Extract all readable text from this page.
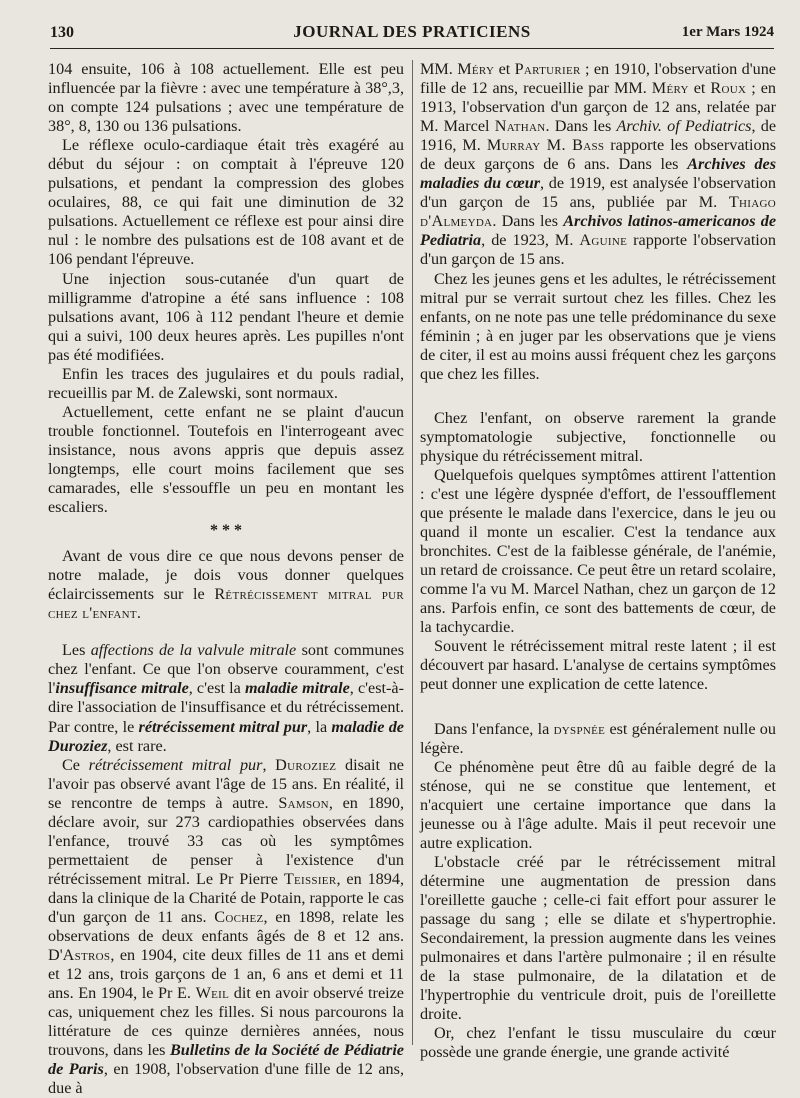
130	JOURNAL DES PRATICIENS	1er Mars 1924

104 ensuite, 106 à 108 actuellement. Elle est peu influencée par la fièvre : avec une température à 38°,3, on compte 124 pulsations ; avec une température de 38°, 8, 130 ou 136 pulsations.

Le réflexe oculo-cardiaque était très exagéré au début du séjour : on comptait à l'épreuve 120 pulsations, et pendant la compression des globes oculaires, 88, ce qui fait une diminution de 32 pulsations. Actuellement ce réflexe est pour ainsi dire nul : le nombre des pulsations est de 108 avant et de 106 pendant l'épreuve.

Une injection sous-cutanée d'un quart de milligramme d'atropine a été sans influence : 108 pulsations avant, 106 à 112 pendant l'heure et demie qui a suivi, 100 deux heures après. Les pupilles n'ont pas été modifiées.

Enfin les traces des jugulaires et du pouls radial, recueillis par M. de Zalewski, sont normaux.

Actuellement, cette enfant ne se plaint d'aucun trouble fonctionnel. Toutefois en l'interrogeant avec insistance, nous avons appris que depuis assez longtemps, elle court moins facilement que ses camarades, elle s'essouffle un peu en montant les escaliers.

* * *

Avant de vous dire ce que nous devons penser de notre malade, je dois vous donner quelques éclaircissements sur le Rétrécissement mitral pur chez l'enfant.

Les affections de la valvule mitrale sont communes chez l'enfant. Ce que l'on observe couramment, c'est l'insuffisance mitrale, c'est la maladie mitrale, c'est-à-dire l'association de l'insuffisance et du rétrécissement. Par contre, le rétrécissement mitral pur, la maladie de Duroziez, est rare.

Ce rétrécissement mitral pur, Duroziez disait ne l'avoir pas observé avant l'âge de 15 ans. En réalité, il se rencontre de temps à autre. Samson, en 1890, déclare avoir, sur 273 cardiopathies observées dans l'enfance, trouvé 33 cas où les symptômes permettaient de penser à l'existence d'un rétrécissement mitral. Le Pr Pierre Teissier, en 1894, dans la clinique de la Charité de Potain, rapporte le cas d'un garçon de 11 ans. Cochez, en 1898, relate les observations de deux enfants âgés de 8 et 12 ans. D'Astros, en 1904, cite deux filles de 11 ans et demi et 12 ans, trois garçons de 1 an, 6 ans et demi et 11 ans. En 1904, le Pr E. Weil dit en avoir observé treize cas, uniquement chez les filles. Si nous parcourons la littérature de ces quinze dernières années, nous trouvons, dans les Bulletins de la Société de Pédiatrie de Paris, en 1908, l'observation d'une fille de 12 ans, due à

MM. Méry et Parturier ; en 1910, l'observation d'une fille de 12 ans, recueillie par MM. Méry et Roux ; en 1913, l'observation d'un garçon de 12 ans, relatée par M. Marcel Nathan. Dans les Archiv. of Pediatrics, de 1916, M. Murray M. Bass rapporte les observations de deux garçons de 6 ans. Dans les Archives des maladies du cœur, de 1919, est analysée l'observation d'un garçon de 15 ans, publiée par M. Thiago d'Almeyda. Dans les Archivos latinos-americanos de Pediatria, de 1923, M. Aguine rapporte l'observation d'un garçon de 15 ans.

Chez les jeunes gens et les adultes, le rétrécissement mitral pur se verrait surtout chez les filles. Chez les enfants, on ne note pas une telle prédominance du sexe féminin ; à en juger par les observations que je viens de citer, il est au moins aussi fréquent chez les garçons que chez les filles.

Chez l'enfant, on observe rarement la grande symptomatologie subjective, fonctionnelle ou physique du rétrécissement mitral.

Quelquefois quelques symptômes attirent l'attention : c'est une légère dyspnée d'effort, de l'essoufflement que présente le malade dans l'exercice, dans le jeu ou quand il monte un escalier. C'est la tendance aux bronchites. C'est de la faiblesse générale, de l'anémie, un retard de croissance. Ce peut être un retard scolaire, comme l'a vu M. Marcel Nathan, chez un garçon de 12 ans. Parfois enfin, ce sont des battements de cœur, de la tachycardie.

Souvent le rétrécissement mitral reste latent ; il est découvert par hasard. L'analyse de certains symptômes peut donner une explication de cette latence.

Dans l'enfance, la dyspnée est généralement nulle ou légère.

Ce phénomène peut être dû au faible degré de la sténose, qui ne se constitue que lentement, et n'acquiert une certaine importance que dans la jeunesse ou à l'âge adulte. Mais il peut recevoir une autre explication.

L'obstacle créé par le rétrécissement mitral détermine une augmentation de pression dans l'oreillette gauche ; celle-ci fait effort pour assurer le passage du sang ; elle se dilate et s'hypertrophie. Secondairement, la pression augmente dans les veines pulmonaires et dans l'artère pulmonaire ; il en résulte de la stase pulmonaire, de la dilatation et de l'hypertrophie du ventricule droit, puis de l'oreillette droite.

Or, chez l'enfant le tissu musculaire du cœur possède une grande énergie, une grande activité
